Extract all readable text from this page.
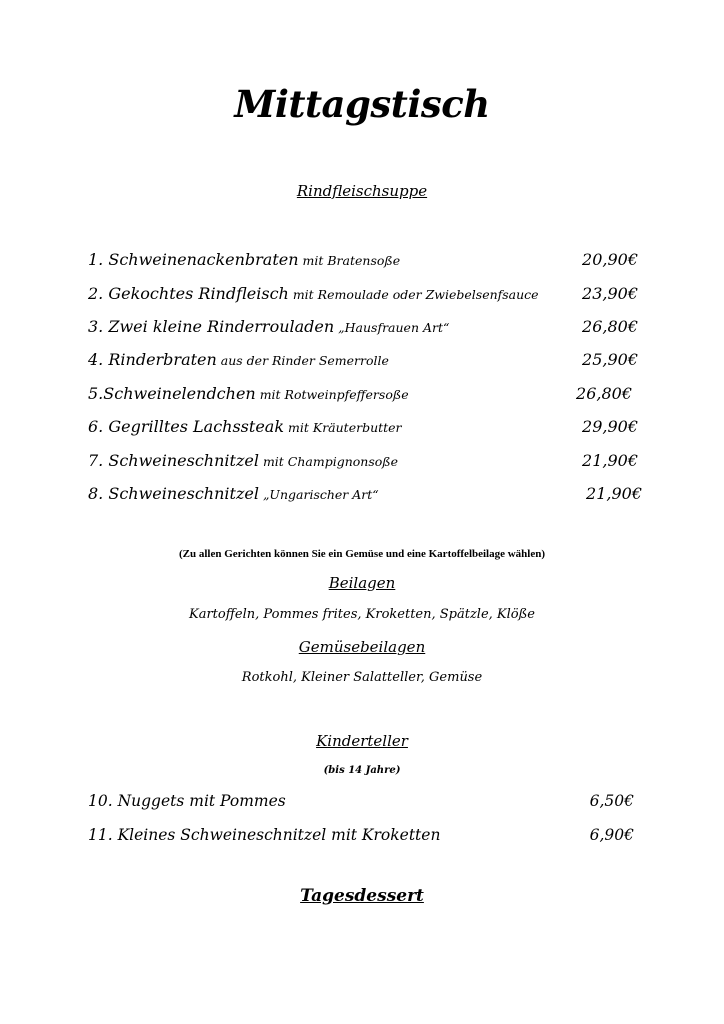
Mittagstisch
Rindfleischsuppe
1. Schweinenackenbraten mit Bratensoße	20,90€
2. Gekochtes Rindfleisch mit Remoulade oder Zwiebelsenfsauce	23,90€
3. Zwei kleine Rinderrouladen „Hausfrauen Art“	26,80€
4. Rinderbraten aus der Rinder Semerrolle	25,90€
5.Schweinelendchen mit Rotweinpfeffersoße	26,80€
6. Gegrilltes Lachssteak mit Kräuterbutter	29,90€
7. Schweineschnitzel mit Champignonsoße	21,90€
8. Schweineschnitzel „Ungarischer Art“	21,90€
(Zu allen Gerichten können Sie ein Gemüse und eine Kartoffelbeilage wählen)
Beilagen
Kartoffeln, Pommes frites, Kroketten, Spätzle, Klöße
Gemüsebeilagen
Rotkohl, Kleiner Salatteller, Gemüse
Kinderteller
(bis 14 Jahre)
10. Nuggets mit Pommes	6,50€
11. Kleines Schweineschnitzel mit Kroketten	6,90€
Tagesdessert
